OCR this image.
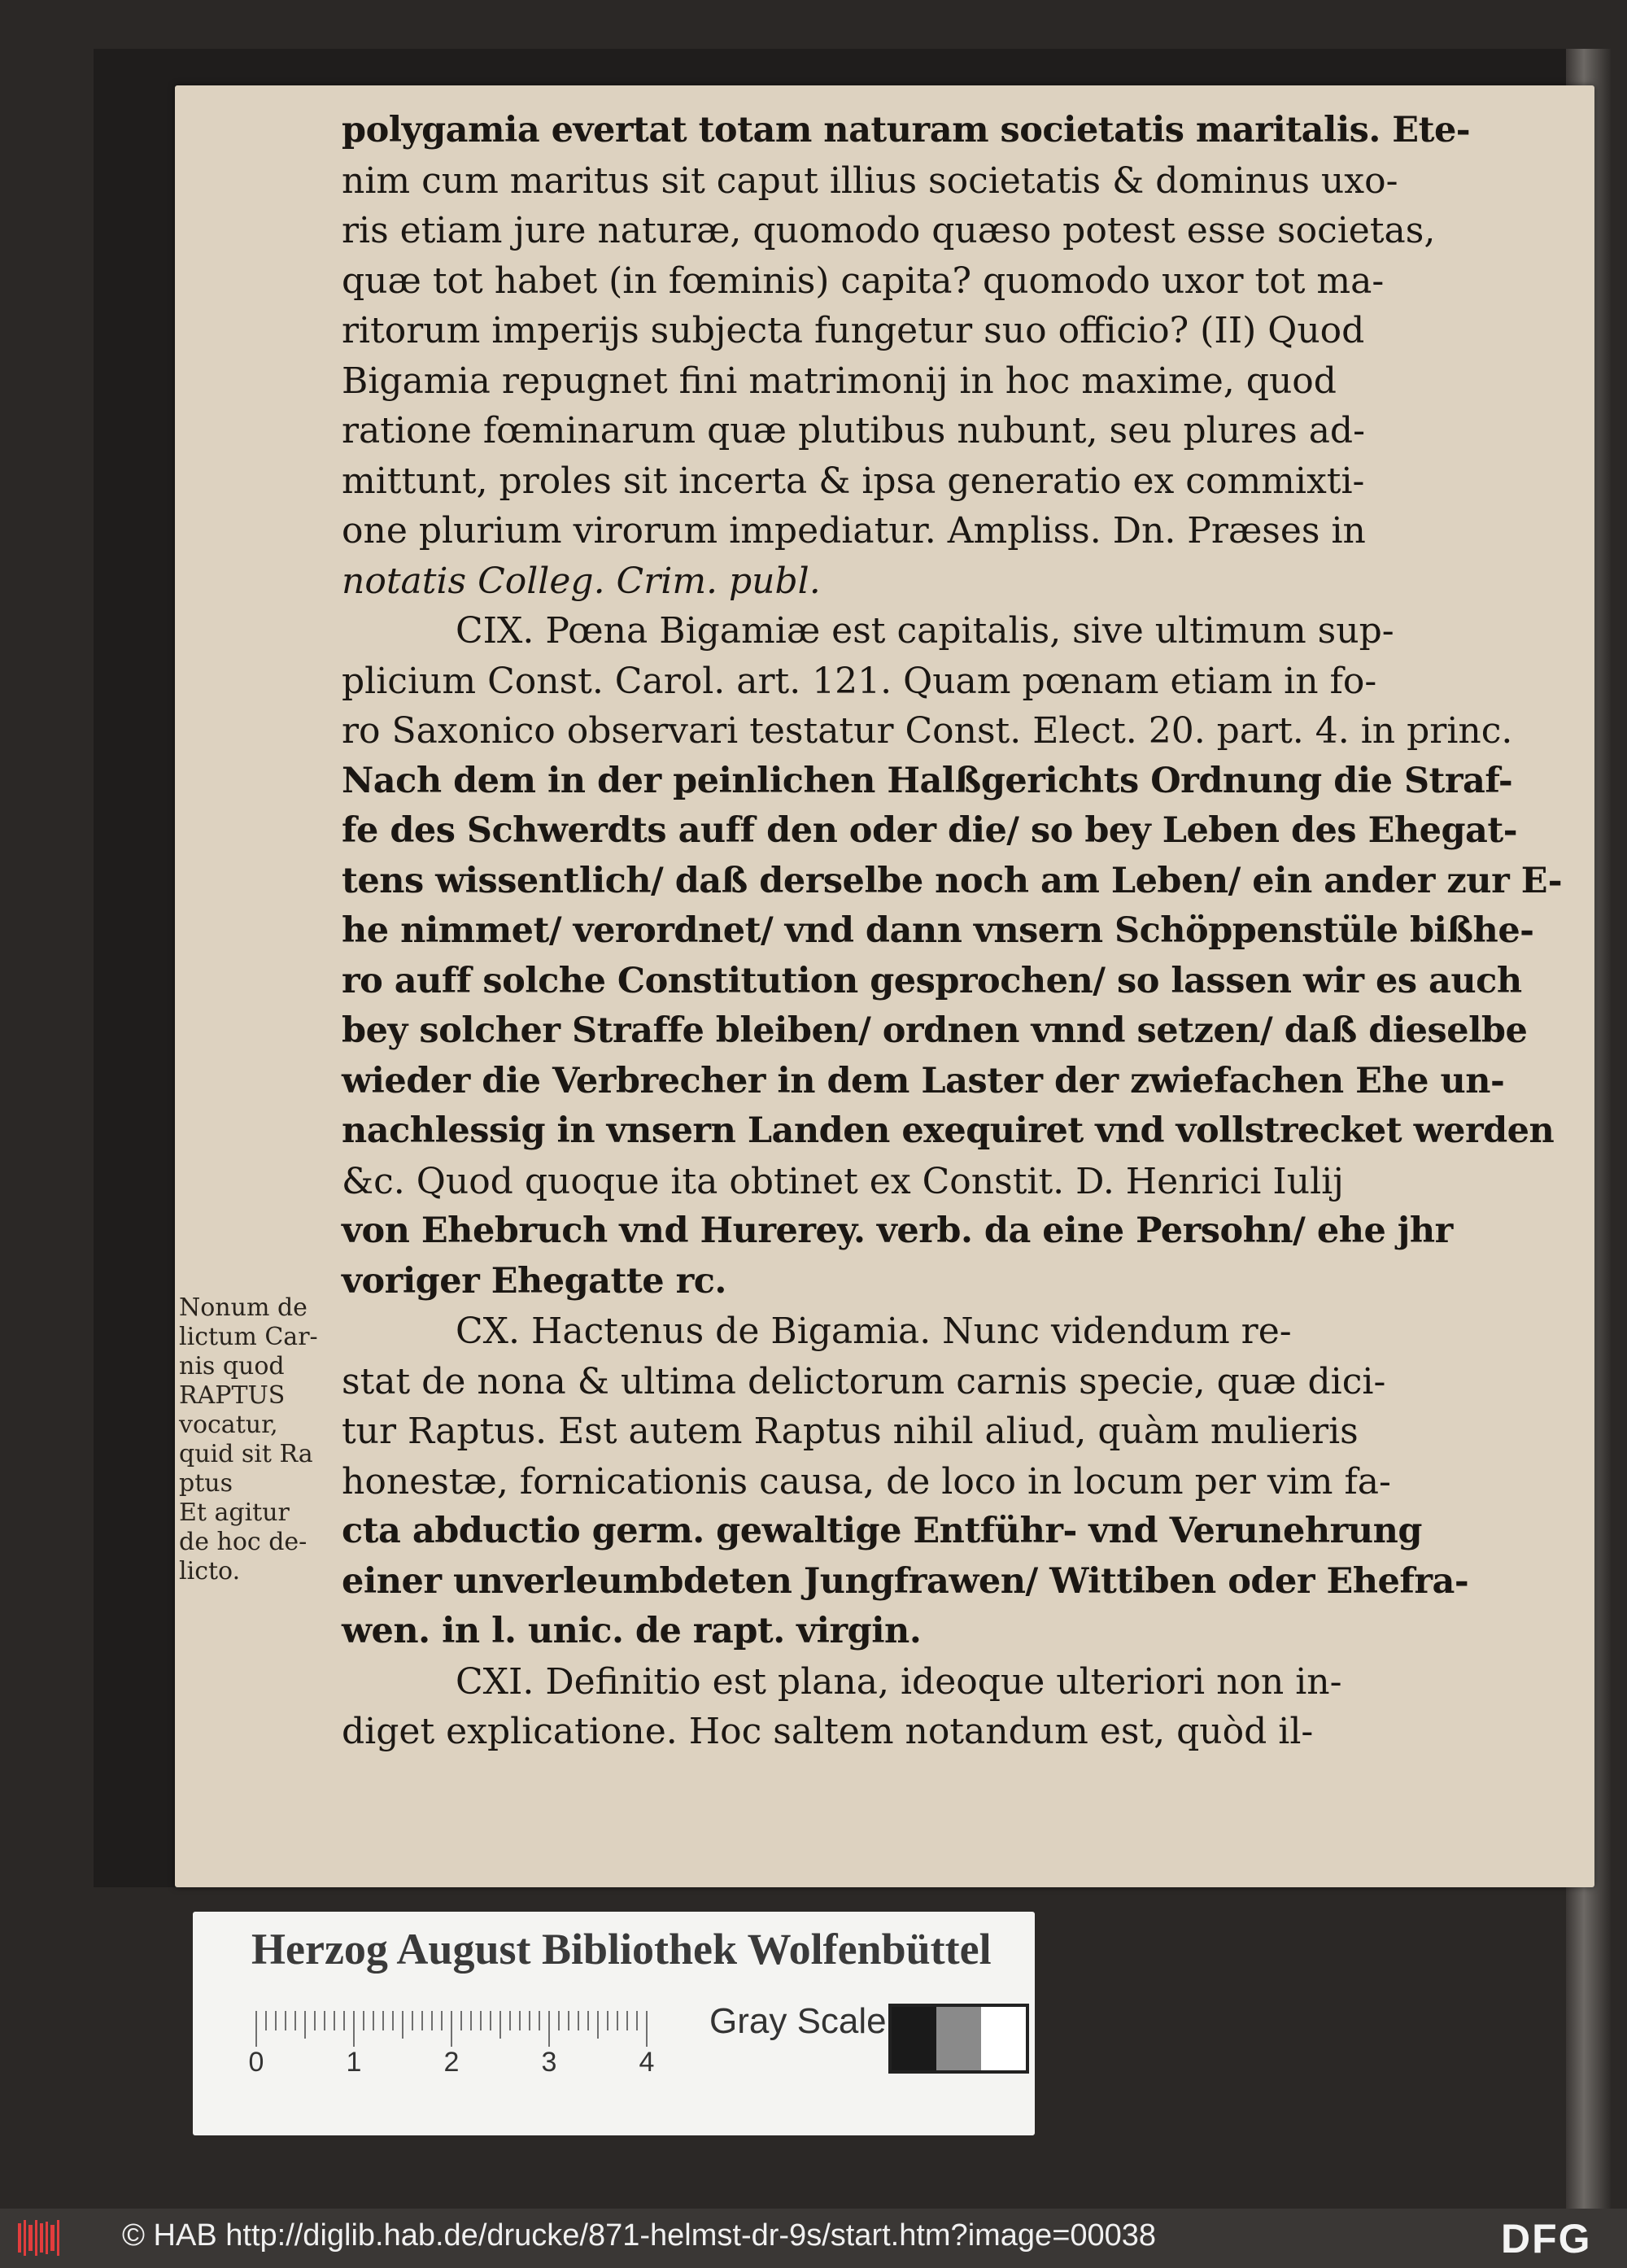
polygamia evertat totam naturam societatis maritalis. Ete-
nim cum maritus sit caput illius societatis & dominus uxo-
ris etiam jure naturæ, quomodo quæso potest esse societas,
quæ tot habet (in fœminis) capita? quomodo uxor tot ma-
ritorum imperijs subjecta fungetur suo officio? (II) Quod
Bigamia repugnet fini matrimonij in hoc maxime, quod
ratione fœminarum quæ plutibus nubunt, seu plures ad-
mittunt, proles sit incerta & ipsa generatio ex commixti-
one plurium virorum impediatur. Ampliss. Dn. Præses in
notatis Colleg. Crim. publ.
CIX. Pœna Bigamiæ est capitalis, sive ultimum sup-
plicium Const. Carol. art. 121. Quam pœnam etiam in fo-
ro Saxonico observari testatur Const. Elect. 20. part. 4. in princ.
Nach dem in der peinlichen Halßgerichts Ordnung die Straf-
fe des Schwerdts auff den oder die/ so bey Leben des Ehegat-
tens wissentlich/ daß derselbe noch am Leben/ ein ander zur E-
he nimmet/ verordnet/ vnd dann vnsern Schöppenstüle bißhe-
ro auff solche Constitution gesprochen/ so lassen wir es auch
bey solcher Straffe bleiben/ ordnen vnnd setzen/ daß dieselbe
wieder die Verbrecher in dem Laster der zwiefachen Ehe un-
nachlessig in vnsern Landen exequiret vnd vollstrecket werden
&c. Quod quoque ita obtinet ex Constit. D. Henrici Iulij
von Ehebruch vnd Hurerey. verb. da eine Persohn/ ehe jhr
voriger Ehegatte rc.
CX. Hactenus de Bigamia. Nunc videndum re-
stat de nona & ultima delictorum carnis specie, quæ dici-
tur Raptus. Est autem Raptus nihil aliud, quàm mulieris
honestæ, fornicationis causa, de loco in locum per vim fa-
cta abductio germ. gewaltige Entführ- vnd Verunehrung
einer unverleumbdeten Jungfrawen/ Wittiben oder Ehefra-
wen. in l. unic. de rapt. virgin.
CXI. Definitio est plana, ideoque ulteriori non in-
diget explicatione. Hoc saltem notandum est, quòd il-
Nonum de
lictum Car-
nis quod
RAPTUS
vocatur,
quid sit Ra
ptus
Et agitur
de hoc de-
licto.
Herzog August Bibliothek Wolfenbüttel
0	1	2	3	4
Gray Scale
© HAB http://diglib.hab.de/drucke/871-helmst-dr-9s/start.htm?image=00038	DFG
